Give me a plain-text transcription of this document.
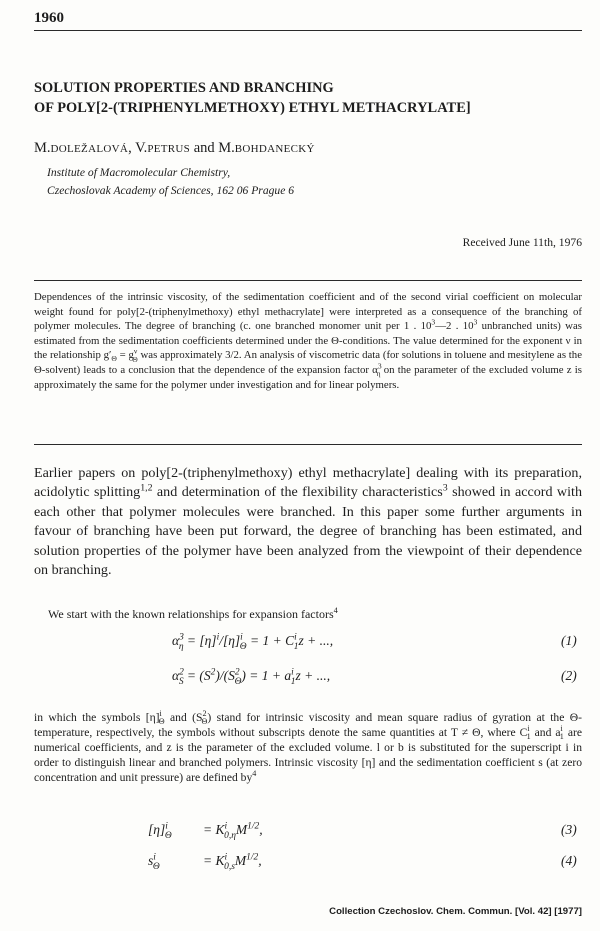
1960
SOLUTION PROPERTIES AND BRANCHING
OF POLY[2-(TRIPHENYLMETHOXY) ETHYL METHACRYLATE]
M.DOLEŽALOVÁ, V.PETRUS and M.BOHDANECKÝ
Institute of Macromolecular Chemistry,
Czechoslovak Academy of Sciences, 162 06 Prague 6
Received June 11th, 1976
Dependences of the intrinsic viscosity, of the sedimentation coefficient and of the second virial coefficient on molecular weight found for poly[2-(triphenylmethoxy) ethyl methacrylate] were interpreted as a consequence of the branching of polymer molecules. The degree of branching (c. one branched monomer unit per 1 . $10^3—2$ . $10^3$ unbranched units) was estimated from the sedimentation coefficients determined under the Θ-conditions. The value determined for the exponent ν in the relationship $g'_\Theta = g^\nu_\Theta$ was approximately 3/2. An analysis of viscometric data (for solutions in toluene and mesitylene as the Θ-solvent) leads to a conclusion that the dependence of the expansion factor $\alpha^3_\eta$ on the parameter of the excluded volume z is approximately the same for the polymer under investigation and for linear polymers.
Earlier papers on poly[2-(triphenylmethoxy) ethyl methacrylate] dealing with its preparation, acidolytic splitting$^{1,2}$ and determination of the flexibility characteristics$^3$ showed in accord with each other that polymer molecules were branched. In this paper some further arguments in favour of branching have been put forward, the degree of branching has been estimated, and solution properties of the polymer have been analyzed from the viewpoint of their dependence on branching.
We start with the known relationships for expansion factors$^4$
$\alpha^3_\eta = [\eta]^i/[\eta]^i_\Theta = 1 + C^i_1z$ + ...,	(1)
$\alpha^2_S = (S^2)/(S^2_\Theta) = 1 + a^i_1z$ + ...,	(2)
in which the symbols $[\eta]^i_\Theta$ and $(S^2_\Theta)$ stand for intrinsic viscosity and mean square radius of gyration at the Θ-temperature, respectively, the symbols without subscripts denote the same quantities at T ≠ Θ, where $C^i_1$ and $a^i_1$ are numerical coefficients, and z is the parameter of the excluded volume. l or b is substituted for the superscript i in order to distinguish linear and branched polymers. Intrinsic viscosity [η] and the sedimentation coefficient s (at zero concentration and unit pressure) are defined $by^4$
$[\eta]^i_\Theta = K^i_{0,\eta}M^{1/2}$,	(3)
$s^i_\Theta$	= $K^i_{0,s}M^{1/2}$,	(4)
Collection Czechoslov. Chem. Commun. [Vol. 42] [1977]
